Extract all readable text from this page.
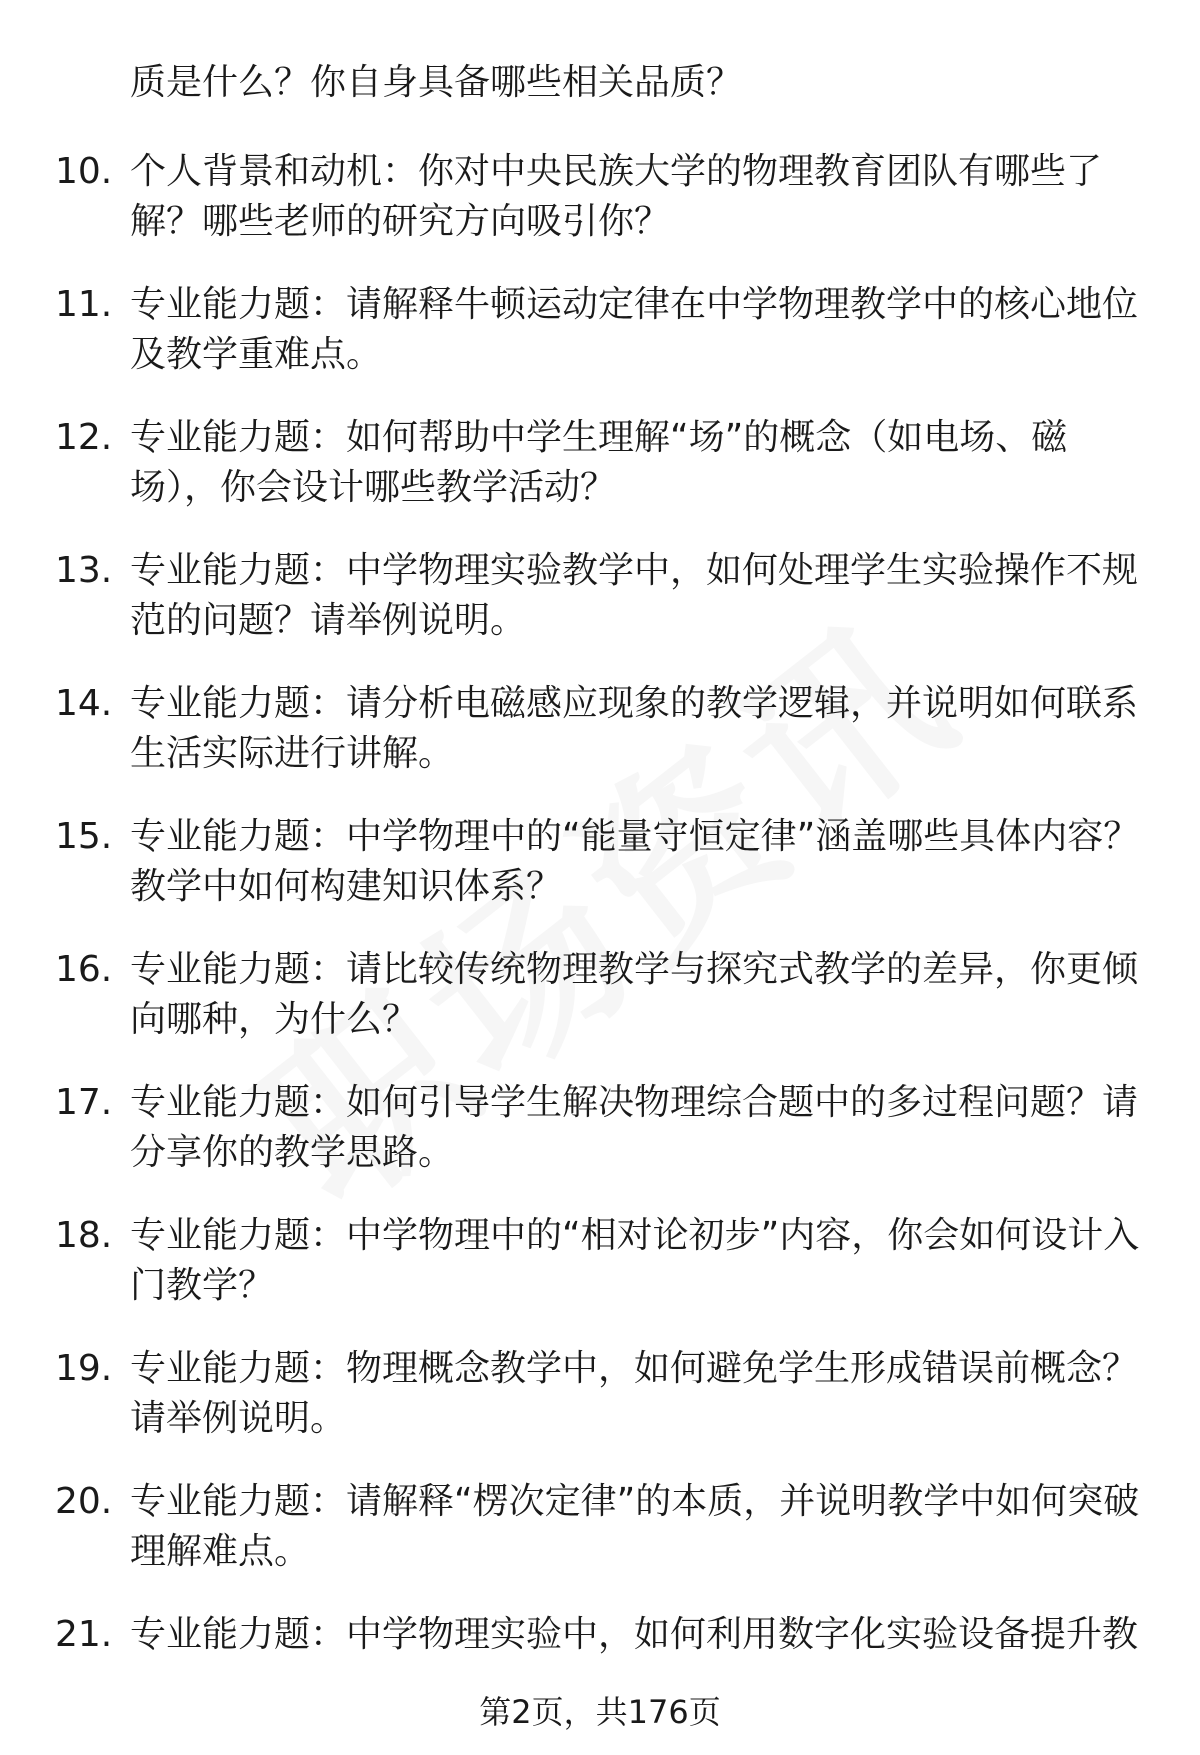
质是什么？你自身具备哪些相关品质？
10. 个人背景和动机：你对中央民族大学的物理教育团队有哪些了解？哪些老师的研究方向吸引你？
11. 专业能力题：请解释牛顿运动定律在中学物理教学中的核心地位及教学重难点。
12. 专业能力题：如何帮助中学生理解“场”的概念（如电场、磁场），你会设计哪些教学活动？
13. 专业能力题：中学物理实验教学中，如何处理学生实验操作不规范的问题？请举例说明。
14. 专业能力题：请分析电磁感应现象的教学逻辑，并说明如何联系生活实际进行讲解。
15. 专业能力题：中学物理中的“能量守恒定律”涵盖哪些具体内容？教学中如何构建知识体系？
16. 专业能力题：请比较传统物理教学与探究式教学的差异，你更倾向哪种，为什么？
17. 专业能力题：如何引导学生解决物理综合题中的多过程问题？请分享你的教学思路。
18. 专业能力题：中学物理中的“相对论初步”内容，你会如何设计入门教学？
19. 专业能力题：物理概念教学中，如何避免学生形成错误前概念？请举例说明。
20. 专业能力题：请解释“楞次定律”的本质，并说明教学中如何突破理解难点。
21. 专业能力题：中学物理实验中，如何利用数字化实验设备提升教
第2页，共176页
